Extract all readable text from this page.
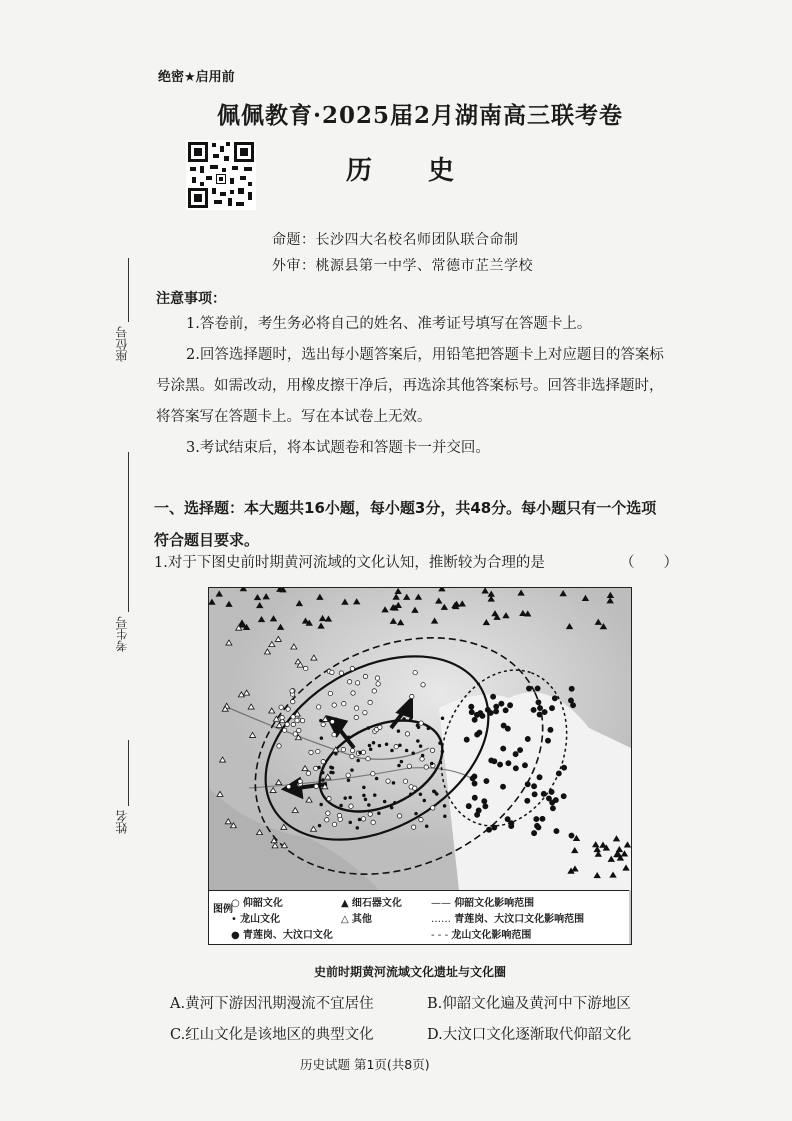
绝密★启用前
佩佩教育·2025届2月湖南高三联考卷
历史
命题：长沙四大名校名师团队联合命制
外审：桃源县第一中学、常德市芷兰学校
座位号
考生号
姓名
注意事项：
1.答卷前，考生务必将自己的姓名、准考证号填写在答题卡上。
2.回答选择题时，选出每小题答案后，用铅笔把答题卡上对应题目的答案标号涂黑。如需改动，用橡皮擦干净后，再选涂其他答案标号。回答非选择题时，将答案写在答题卡上。写在本试卷上无效。
3.考试结束后，将本试题卷和答题卡一并交回。
一、选择题：本大题共16小题，每小题3分，共48分。每小题只有一个选项符合题目要求。
1.对于下图史前时期黄河流域的文化认知，推断较为合理的是	（　　）
图例
○ 仰韶文化
• 龙山文化
● 青莲岗、大汶口文化
▲ 细石器文化
△ 其他
—— 仰韶文化影响范围
…… 青莲岗、大汶口文化影响范围
- - - 龙山文化影响范围
史前时期黄河流域文化遗址与文化圈
A.黄河下游因汛期漫流不宜居住	B.仰韶文化遍及黄河中下游地区
C.红山文化是该地区的典型文化	D.大汶口文化逐渐取代仰韶文化
历史试题 第1页(共8页)
